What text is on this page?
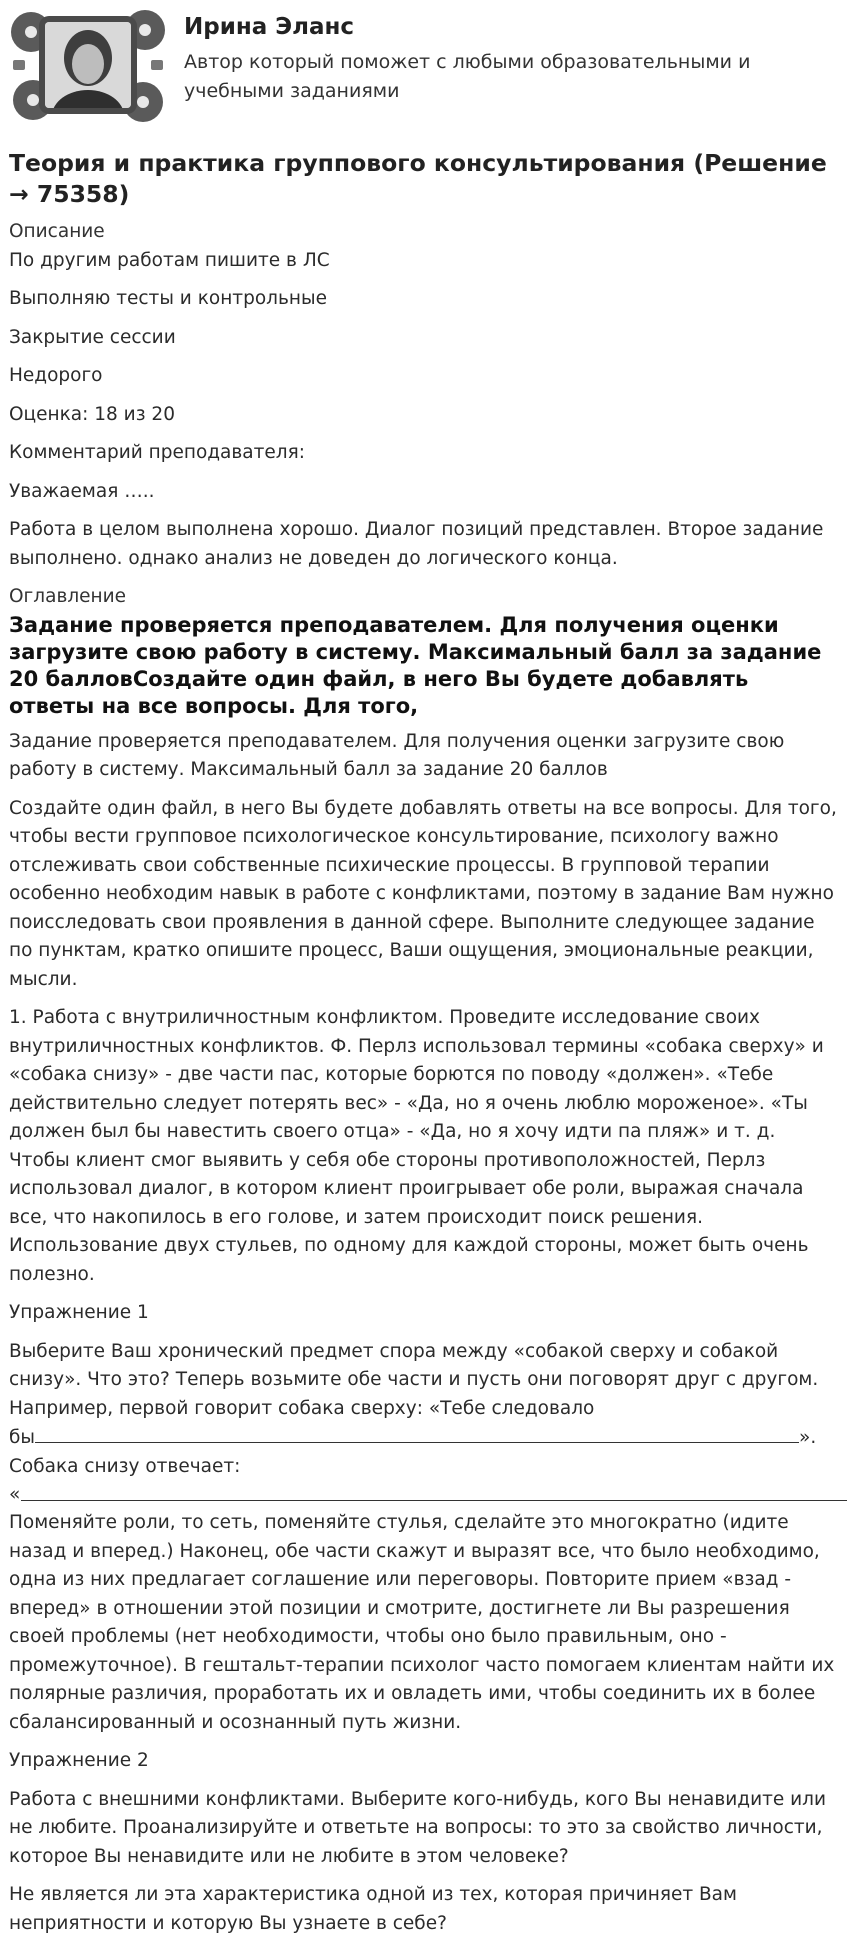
Ирина Эланс
Автор который поможет с любыми образовательными и учебными заданиями
Теория и практика группового консультирования (Решение → 75358)
Описание
По другим работам пишите в ЛС
Выполняю тесты и контрольные
Закрытие сессии
Недорого
Оценка: 18 из 20
Комментарий преподавателя:
Уважаемая …..
Работа в целом выполнена хорошо. Диалог позиций представлен. Второе задание выполнено. однако анализ не доведен до логического конца.
Оглавление
Задание проверяется преподавателем. Для получения оценки загрузите свою работу в систему. Максимальный балл за задание 20 балловСоздайте один файл, в него Вы будете добавлять ответы на все вопросы. Для того,
Задание проверяется преподавателем. Для получения оценки загрузите свою работу в систему. Максимальный балл за задание 20 баллов
Создайте один файл, в него Вы будете добавлять ответы на все вопросы. Для того, чтобы вести групповое психологическое консультирование, психологу важно отслеживать свои собственные психические процессы. В групповой терапии особенно необходим навык в работе с конфликтами, поэтому в задание Вам нужно поисследовать свои проявления в данной сфере. Выполните следующее задание по пунктам, кратко опишите процесс, Ваши ощущения, эмоциональные реакции, мысли.
1. Работа с внутриличностным конфликтом. Проведите исследование своих внутриличностных конфликтов. Ф. Перлз использовал термины «собака сверху» и «собака снизу» - две части пас, которые борются по поводу «должен». «Тебе действительно следует потерять вес» - «Да, но я очень люблю мороженое». «Ты должен был бы навестить своего отца» - «Да, но я хочу идти па пляж» и т. д. Чтобы клиент смог выявить у себя обе стороны противоположностей, Перлз использовал диалог, в котором клиент проигрывает обе роли, выражая сначала все, что накопилось в его голове, и затем происходит поиск решения. Использование двух стульев, по одному для каждой стороны, может быть очень полезно.
Упражнение 1
Выберите Ваш хронический предмет спора между «собакой сверху и собакой снизу». Что это? Теперь возьмите обе части и пусть они поговорят друг с другом. Например, первой говорит собака сверху: «Тебе следовало
бы	».
Собака снизу отвечает:
«
Поменяйте роли, то сеть, поменяйте стулья, сделайте это многократно (идите назад и вперед.) Наконец, обе части скажут и выразят все, что было необходимо, одна из них предлагает соглашение или переговоры. Повторите прием «взад - вперед» в отношении этой позиции и смотрите, достигнете ли Вы разрешения своей проблемы (нет необходимости, чтобы оно было правильным, оно - промежуточное). В гештальт-терапии психолог часто помогаем клиентам найти их полярные различия, проработать их и овладеть ими, чтобы соединить их в более сбалансированный и осознанный путь жизни.
Упражнение 2
Работа с внешними конфликтами. Выберите кого-нибудь, кого Вы ненавидите или не любите. Проанализируйте и ответьте на вопросы: то это за свойство личности, которое Вы ненавидите или не любите в этом человеке?
Не является ли эта характеристика одной из тех, которая причиняет Вам неприятности и которую Вы узнаете в себе?
